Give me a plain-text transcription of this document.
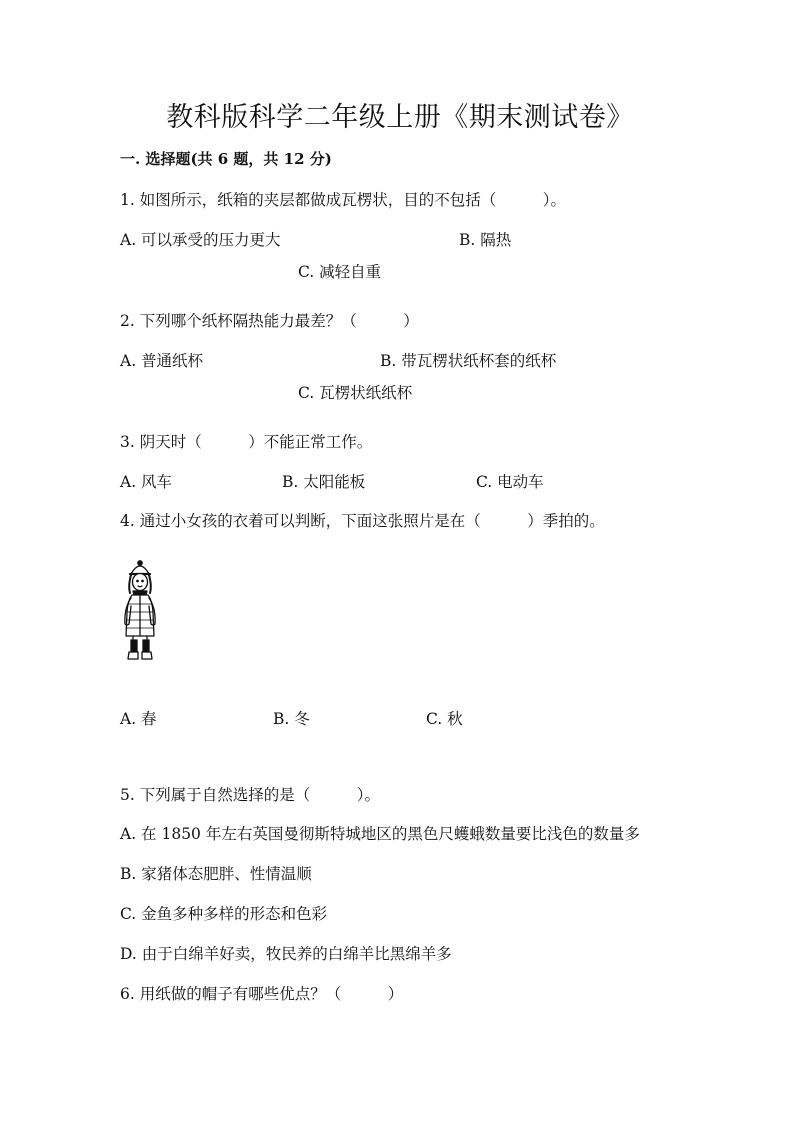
教科版科学二年级上册《期末测试卷》
一. 选择题(共 6 题，共 12 分)
1. 如图所示，纸箱的夹层都做成瓦楞状，目的不包括（　　　）。
A. 可以承受的压力更大	B. 隔热
C. 减轻自重
2. 下列哪个纸杯隔热能力最差？（　　　）
A. 普通纸杯	B. 带瓦楞状纸杯套的纸杯
C. 瓦楞状纸纸杯
3. 阴天时（　　　）不能正常工作。
A. 风车	B. 太阳能板	C. 电动车
4. 通过小女孩的衣着可以判断，下面这张照片是在（　　　）季拍的。
A. 春	B. 冬	C. 秋
5. 下列属于自然选择的是（　　　）。
A. 在 1850 年左右英国曼彻斯特城地区的黑色尺蠖蛾数量要比浅色的数量多
B. 家猪体态肥胖、性情温顺
C. 金鱼多种多样的形态和色彩
D. 由于白绵羊好卖，牧民养的白绵羊比黑绵羊多
6. 用纸做的帽子有哪些优点？（　　　）
